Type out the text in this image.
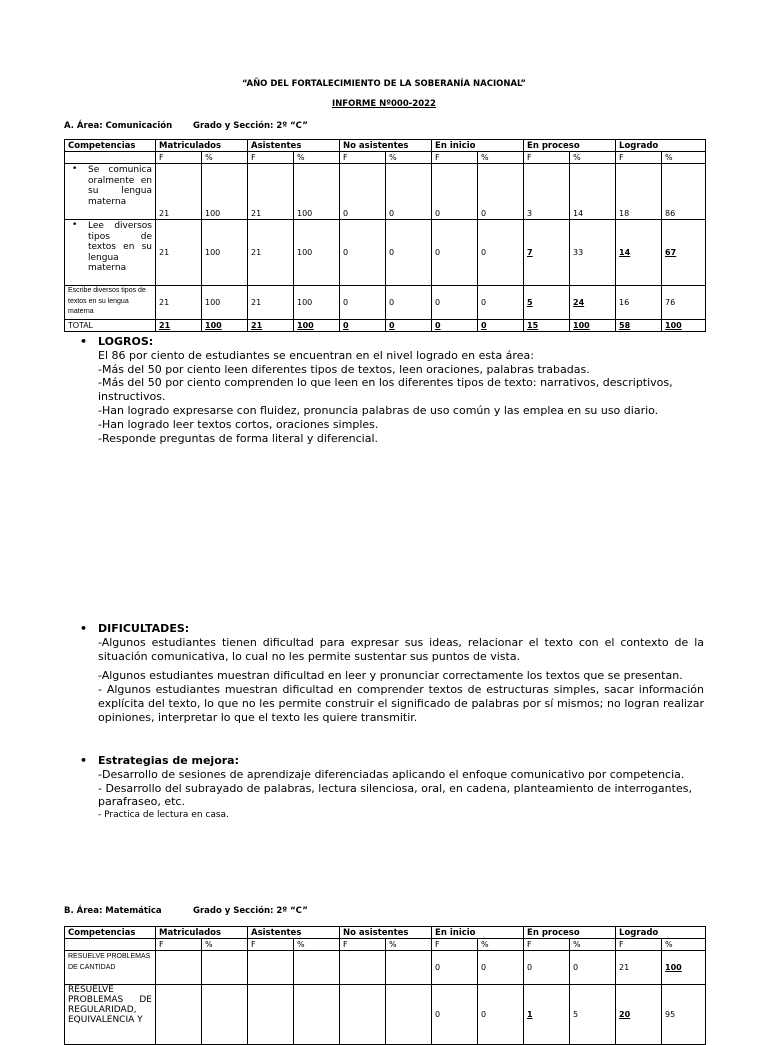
“AÑO DEL FORTALECIMIENTO DE LA SOBERANÍA NACIONAL”
INFORME Nº000-2022
A. Área: Comunicación Grado y Sección: 2º “C”
Competencias	Matriculados		Asistentes		No asistentes		En inicio		En proceso		Logrado	
	F	%	F	%	F	%	F	%	F	%	F	%

• Se comunica oralmente en su lengua materna	21	100	21	100	0	0	0	0	3	14	18	86

• Lee diversos tipos de textos en su lengua materna	21	100	21	100	0	0	0	0	7	33	14	67
Escribe diversos tipos de textos en su lengua materna	21	100	21	100	0	0	0	0	5	24	16	76
TOTAL	21	100	21	100	0	0	0	0	15	100	58	100
• LOGROS:
El 86 por ciento de estudiantes se encuentran en el nivel logrado en esta área:
-Más del 50 por ciento leen diferentes tipos de textos, leen oraciones, palabras trabadas.
-Más del 50 por ciento comprenden lo que leen en los diferentes tipos de texto: narrativos, descriptivos, instructivos.
-Han logrado expresarse con fluidez, pronuncia palabras de uso común y las emplea en su uso diario.
-Han logrado leer textos cortos, oraciones simples.
-Responde preguntas de forma literal y diferencial.
• DIFICULTADES:
-Algunos estudiantes tienen dificultad para expresar sus ideas, relacionar el texto con el contexto de la situación comunicativa, lo cual no les permite sustentar sus puntos de vista.
-Algunos estudiantes muestran dificultad en leer y pronunciar correctamente los textos que se presentan.
- Algunos estudiantes muestran dificultad en comprender textos de estructuras simples, sacar información explícita del texto, lo que no les permite construir el significado de palabras por sí mismos; no logran realizar opiniones, interpretar lo que el texto les quiere transmitir.
• Estrategias de mejora:
-Desarrollo de sesiones de aprendizaje diferenciadas aplicando el enfoque comunicativo por competencia.
- Desarrollo del subrayado de palabras, lectura silenciosa, oral, en cadena, planteamiento de interrogantes, parafraseo, etc.
- Practica de lectura en casa.
B. Área: Matemática	Grado y Sección: 2º “C”
Competencias	Matriculados		Asistentes		No asistentes		En inicio		En proceso		Logrado	
	F	%	F	%	F	%	F	%	F	%	F	%
RESUELVE PROBLEMAS DE CANTIDAD							0	0	0	0	21	100

RESUELVE PROBLEMAS DE REGULARIDAD, EQUIVALENCIA Y							0	0	1	5	20	95
